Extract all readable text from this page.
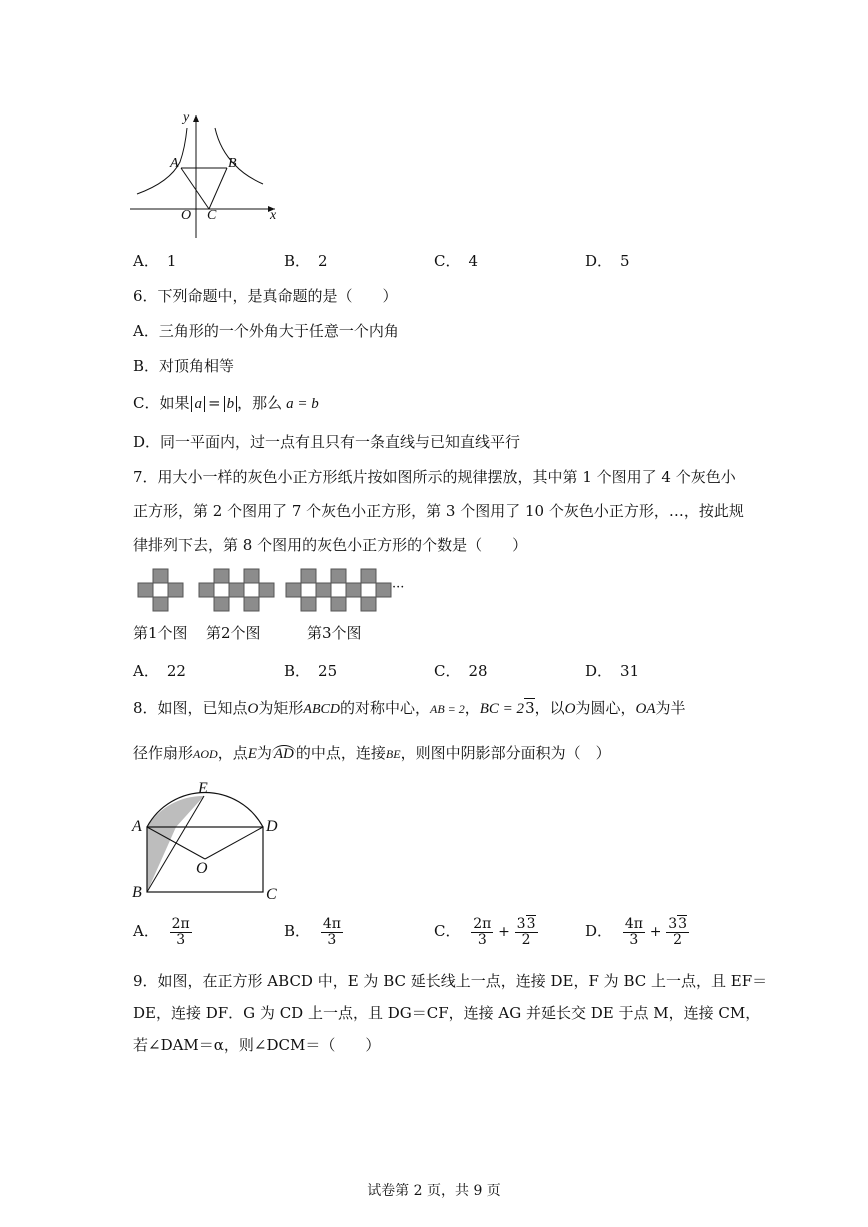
y
A	B
O C	x
A． 1	B． 2	C． 4	D． 5
6．下列命题中，是真命题的是（　　）
A．三角形的一个外角大于任意一个内角
B．对顶角相等
C．如果 a = b ，那么 a = b
D．同一平面内，过一点有且只有一条直线与已知直线平行
7．用大小一样的灰色小正方形纸片按如图所示的规律摆放，其中第 1 个图用了 4 个灰色小
正方形，第 2 个图用了 7 个灰色小正方形，第 3 个图用了 10 个灰色小正方形，…，按此规
律排列下去，第 8 个图用的灰色小正方形的个数是（　　）
···
第1个图 第2个图	第3个图
A． 22	B． 25	C． 28	D． 31
8．如图，已知点O为矩形ABCD的对称中心，AB = 2，BC = 23，以O为圆心，OA为半
径作扇形AOD，点E为 AD 的中点，连接BE，则图中阴影部分面积为（　）
A
B	C
D
E
O
A． $\frac{2\pi}{3}$	B． $\frac{4\pi}{3}$	C． $\frac{2\pi}{3} + \frac{33}{2}$	D． $\frac{4\pi}{3} + \frac{33}{2}$
9．如图，在正方形 ABCD 中，E 为 BC 延长线上一点，连接 DE，F 为 BC 上一点，且 EF＝
DE，连接 DF．G 为 CD 上一点，且 DG＝CF，连接 AG 并延长交 DE 于点 M，连接 CM，
若∠DAM＝α，则∠DCM＝（　　）
试卷第 2 页，共 9 页
